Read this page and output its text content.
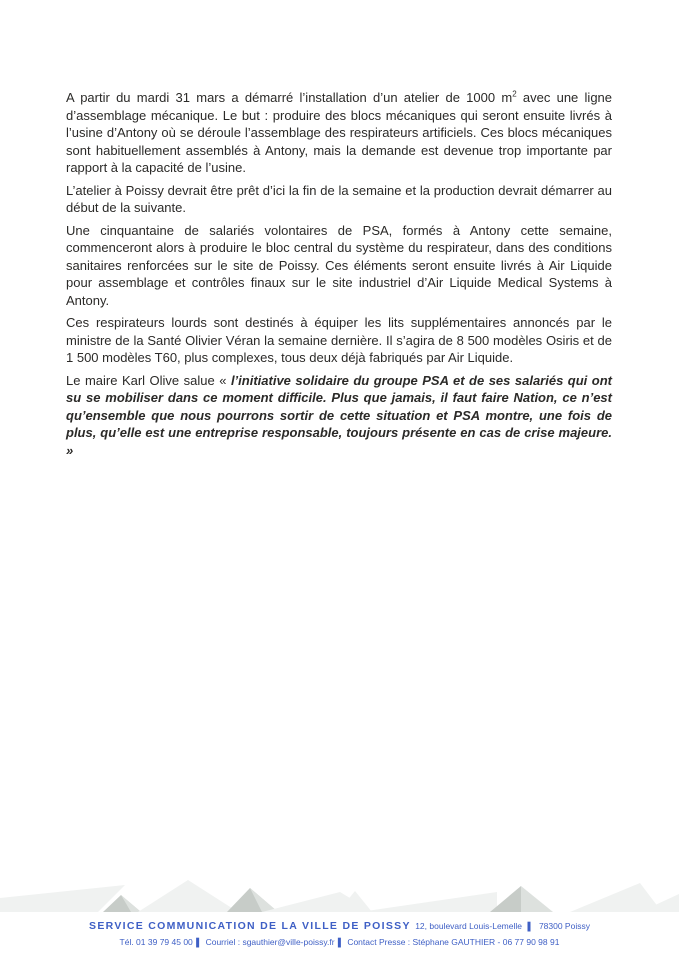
A partir du mardi 31 mars a démarré l’installation d’un atelier de 1000 $m^2$ avec une ligne d’assemblage mécanique. Le but : produire des blocs mécaniques qui seront ensuite livrés à l’usine d’Antony où se déroule l’assemblage des respirateurs artificiels. Ces blocs mécaniques sont habituellement assemblés à Antony, mais la demande est devenue trop importante par rapport à la capacité de l’usine.

L’atelier à Poissy devrait être prêt d’ici la fin de la semaine et la production devrait démarrer au début de la suivante.

Une cinquantaine de salariés volontaires de PSA, formés à Antony cette semaine, commenceront alors à produire le bloc central du système du respirateur, dans des conditions sanitaires renforcées sur le site de Poissy. Ces éléments seront ensuite livrés à Air Liquide pour assemblage et contrôles finaux sur le site industriel d’Air Liquide Medical Systems à Antony.

Ces respirateurs lourds sont destinés à équiper les lits supplémentaires annoncés par le ministre de la Santé Olivier Véran la semaine dernière. Il s’agira de 8 500 modèles Osiris et de 1 500 modèles T60, plus complexes, tous deux déjà fabriqués par Air Liquide.

Le maire Karl Olive salue « l’initiative solidaire du groupe PSA et de ses salariés qui ont su se mobiliser dans ce moment difficile. Plus que jamais, il faut faire Nation, ce n’est qu’ensemble que nous pourrons sortir de cette situation et PSA montre, une fois de plus, qu’elle est une entreprise responsable, toujours présente en cas de crise majeure. »

SERVICE COMMUNICATION DE LA VILLE DE POISSY 12, boulevard Louis-Lemelle ▌ 78300 Poissy
Tél. 01 39 79 45 00 ▌ Courriel : sgauthier@ville-poissy.fr ▌ Contact Presse : Stéphane GAUTHIER - 06 77 90 98 91
